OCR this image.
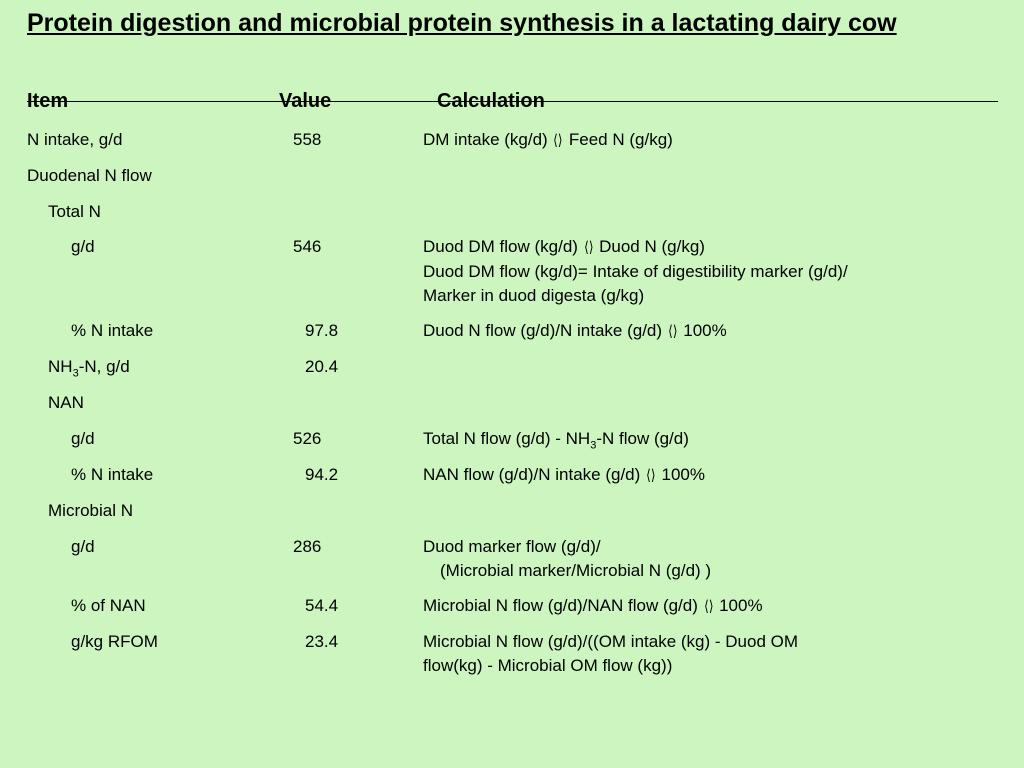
Protein digestion and microbial protein synthesis in a lactating dairy cow
Item	Value	Calculation
N intake, g/d	558	DM intake (kg/d) ⟨⟩ Feed N (g/kg)
Duodenal N flow
Total N
g/d	546	Duod DM flow (kg/d) ⟨⟩ Duod N (g/kg)
Duod DM flow (kg/d)= Intake of digestibility marker (g/d)/
Marker in duod digesta (g/kg)
% N intake	97.8	Duod N flow (g/d)/N intake (g/d) ⟨⟩ 100%
$NH_3-N$, g/d	20.4
NAN
g/d	526	Total N flow $(g/d) - NH_3-N$ flow (g/d)
% N intake	94.2	NAN flow (g/d)/N intake (g/d) ⟨⟩ 100%
Microbial N
g/d	286	Duod marker flow (g/d)/
(Microbial marker/Microbial N (g/d) )
% of NAN	54.4	Microbial N flow (g/d)/NAN flow (g/d) ⟨⟩ 100%
g/kg RFOM	23.4	Microbial N flow (g/d)/((OM intake (kg) - Duod OM
flow(kg) - Microbial OM flow (kg))
